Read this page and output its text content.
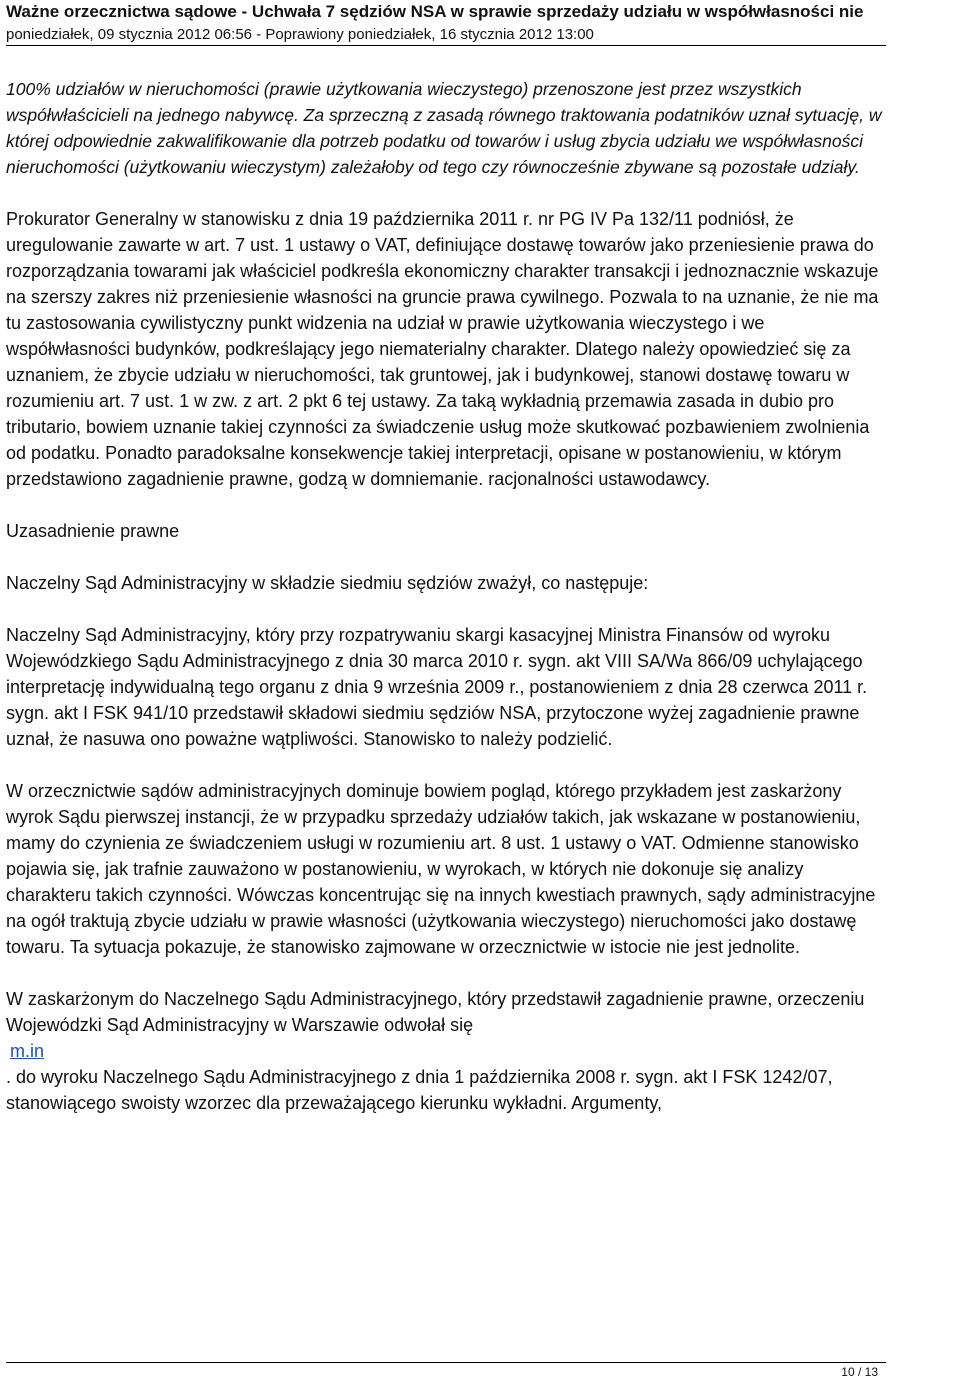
Ważne orzecznictwa sądowe - Uchwała 7 sędziów NSA w sprawie sprzedaży udziału w współwłasności nie
poniedziałek, 09 stycznia 2012 06:56 - Poprawiony poniedziałek, 16 stycznia 2012 13:00

100% udziałów w nieruchomości (prawie użytkowania wieczystego) przenoszone jest przez wszystkich współwłaścicieli na jednego nabywcę. Za sprzeczną z zasadą równego traktowania podatników uznał sytuację, w której odpowiednie zakwalifikowanie dla potrzeb podatku od towarów i usług zbycia udziału we współwłasności nieruchomości (użytkowaniu wieczystym) zależałoby od tego czy równocześnie zbywane są pozostałe udziały.

Prokurator Generalny w stanowisku z dnia 19 października 2011 r. nr PG IV Pa 132/11 podniósł, że uregulowanie zawarte w art. 7 ust. 1 ustawy o VAT, definiujące dostawę towarów jako przeniesienie prawa do rozporządzania towarami jak właściciel podkreśla ekonomiczny charakter transakcji i jednoznacznie wskazuje na szerszy zakres niż przeniesienie własności na gruncie prawa cywilnego. Pozwala to na uznanie, że nie ma tu zastosowania cywilistyczny punkt widzenia na udział w prawie użytkowania wieczystego i we współwłasności budynków, podkreślający jego niematerialny charakter. Dlatego należy opowiedzieć się za uznaniem, że zbycie udziału w nieruchomości, tak gruntowej, jak i budynkowej, stanowi dostawę towaru w rozumieniu art. 7 ust. 1 w zw. z art. 2 pkt 6 tej ustawy. Za taką wykładnią przemawia zasada in dubio pro tributario, bowiem uznanie takiej czynności za świadczenie usług może skutkować pozbawieniem zwolnienia od podatku. Ponadto paradoksalne konsekwencje takiej interpretacji, opisane w postanowieniu, w którym przedstawiono zagadnienie prawne, godzą w domniemanie. racjonalności ustawodawcy.

Uzasadnienie prawne

Naczelny Sąd Administracyjny w składzie siedmiu sędziów zważył, co następuje:

Naczelny Sąd Administracyjny, który przy rozpatrywaniu skargi kasacyjnej Ministra Finansów od wyroku Wojewódzkiego Sądu Administracyjnego z dnia 30 marca 2010 r. sygn. akt VIII SA/Wa 866/09 uchylającego interpretację indywidualną tego organu z dnia 9 września 2009 r., postanowieniem z dnia 28 czerwca 2011 r. sygn. akt I FSK 941/10 przedstawił składowi siedmiu sędziów NSA, przytoczone wyżej zagadnienie prawne uznał, że nasuwa ono poważne wątpliwości. Stanowisko to należy podzielić.

W orzecznictwie sądów administracyjnych dominuje bowiem pogląd, którego przykładem jest zaskarżony wyrok Sądu pierwszej instancji, że w przypadku sprzedaży udziałów takich, jak wskazane w postanowieniu, mamy do czynienia ze świadczeniem usługi w rozumieniu art. 8 ust. 1 ustawy o VAT. Odmienne stanowisko pojawia się, jak trafnie zauważono w postanowieniu, w wyrokach, w których nie dokonuje się analizy charakteru takich czynności. Wówczas koncentrując się na innych kwestiach prawnych, sądy administracyjne na ogół traktują zbycie udziału w prawie własności (użytkowania wieczystego) nieruchomości jako dostawę towaru. Ta sytuacja pokazuje, że stanowisko zajmowane w orzecznictwie w istocie nie jest jednolite.

W zaskarżonym do Naczelnego Sądu Administracyjnego, który przedstawił zagadnienie prawne, orzeczeniu Wojewódzki Sąd Administracyjny w Warszawie odwołał się

m.in

. do wyroku Naczelnego Sądu Administracyjnego z dnia 1 października 2008 r. sygn. akt I FSK 1242/07, stanowiącego swoisty wzorzec dla przeważającego kierunku wykładni. Argumenty,

10 / 13
